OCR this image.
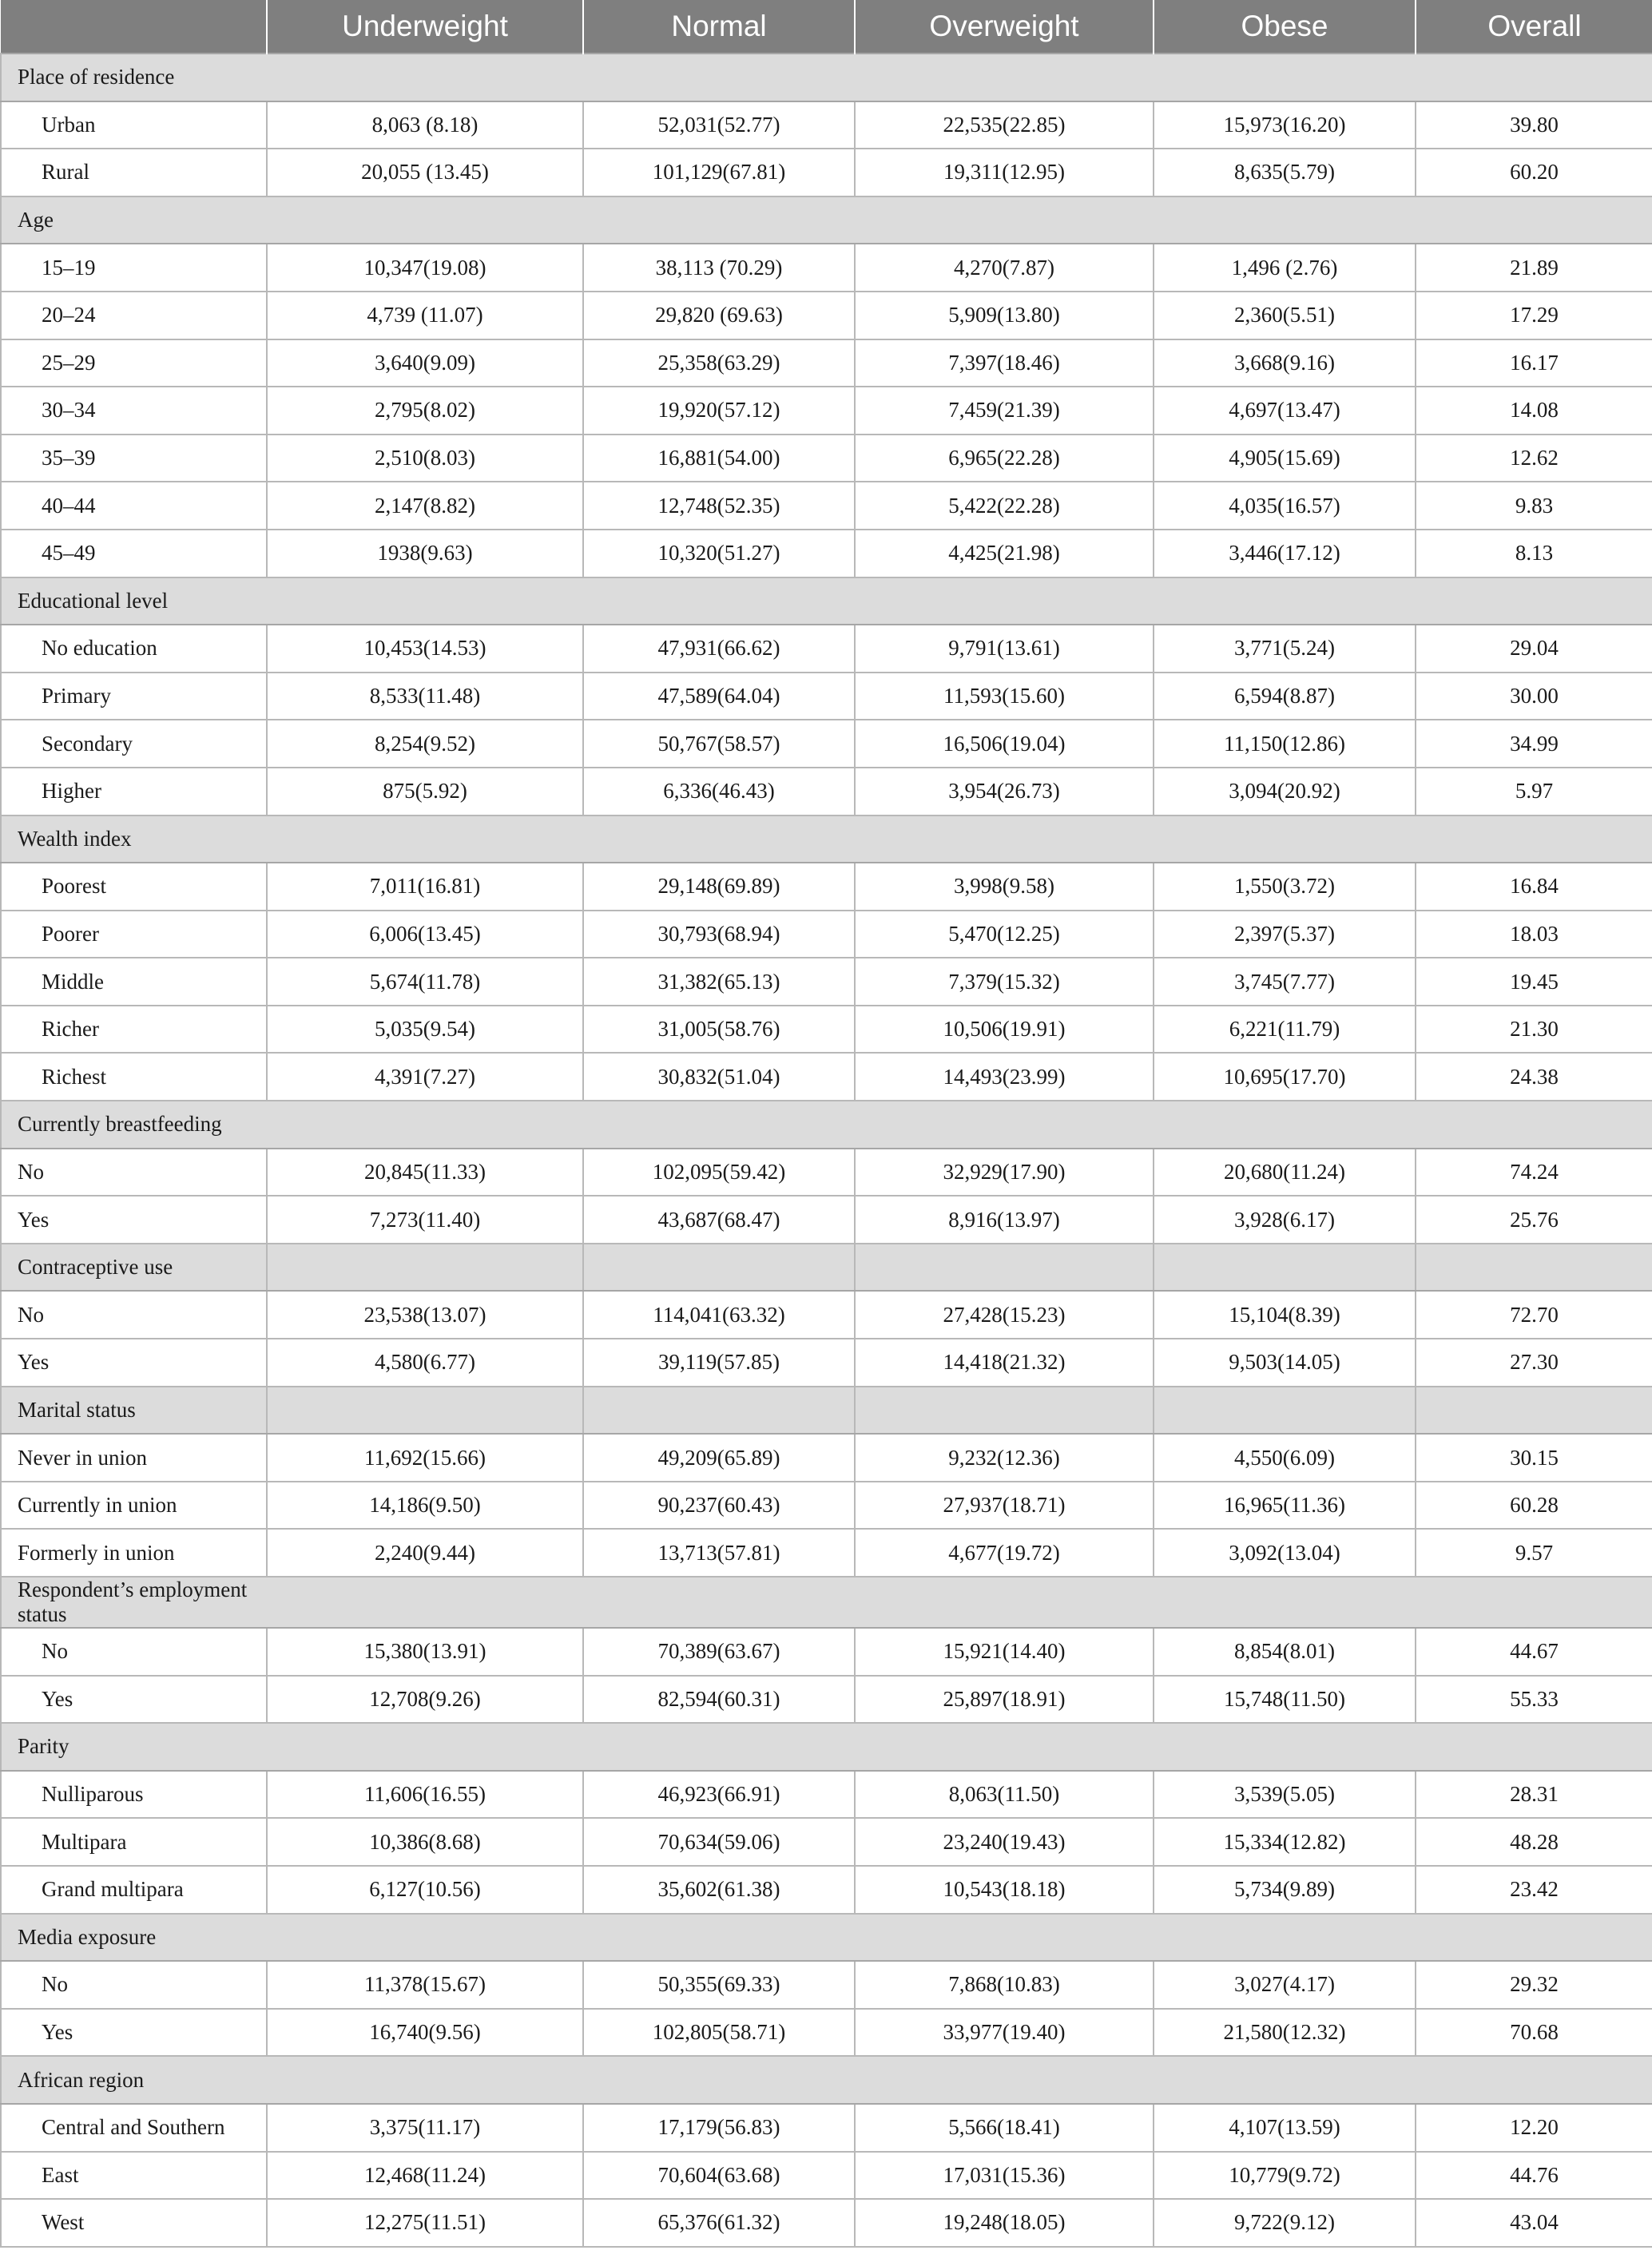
	Underweight	Normal	Overweight	Obese	Overall
Place of residence					
Urban	8,063 (8.18)	52,031(52.77)	22,535(22.85)	15,973(16.20)	39.80
Rural	20,055 (13.45)	101,129(67.81)	19,311(12.95)	8,635(5.79)	60.20
Age					
15–19	10,347(19.08)	38,113 (70.29)	4,270(7.87)	1,496 (2.76)	21.89
20–24	4,739 (11.07)	29,820 (69.63)	5,909(13.80)	2,360(5.51)	17.29
25–29	3,640(9.09)	25,358(63.29)	7,397(18.46)	3,668(9.16)	16.17
30–34	2,795(8.02)	19,920(57.12)	7,459(21.39)	4,697(13.47)	14.08
35–39	2,510(8.03)	16,881(54.00)	6,965(22.28)	4,905(15.69)	12.62
40–44	2,147(8.82)	12,748(52.35)	5,422(22.28)	4,035(16.57)	9.83
45–49	1938(9.63)	10,320(51.27)	4,425(21.98)	3,446(17.12)	8.13
Educational level					
No education	10,453(14.53)	47,931(66.62)	9,791(13.61)	3,771(5.24)	29.04
Primary	8,533(11.48)	47,589(64.04)	11,593(15.60)	6,594(8.87)	30.00
Secondary	8,254(9.52)	50,767(58.57)	16,506(19.04)	11,150(12.86)	34.99
Higher	875(5.92)	6,336(46.43)	3,954(26.73)	3,094(20.92)	5.97
Wealth index					
Poorest	7,011(16.81)	29,148(69.89)	3,998(9.58)	1,550(3.72)	16.84
Poorer	6,006(13.45)	30,793(68.94)	5,470(12.25)	2,397(5.37)	18.03
Middle	5,674(11.78)	31,382(65.13)	7,379(15.32)	3,745(7.77)	19.45
Richer	5,035(9.54)	31,005(58.76)	10,506(19.91)	6,221(11.79)	21.30
Richest	4,391(7.27)	30,832(51.04)	14,493(23.99)	10,695(17.70)	24.38
Currently breastfeeding					
No	20,845(11.33)	102,095(59.42)	32,929(17.90)	20,680(11.24)	74.24
Yes	7,273(11.40)	43,687(68.47)	8,916(13.97)	3,928(6.17)	25.76
Contraceptive use					
No	23,538(13.07)	114,041(63.32)	27,428(15.23)	15,104(8.39)	72.70
Yes	4,580(6.77)	39,119(57.85)	14,418(21.32)	9,503(14.05)	27.30
Marital status					
Never in union	11,692(15.66)	49,209(65.89)	9,232(12.36)	4,550(6.09)	30.15
Currently in union	14,186(9.50)	90,237(60.43)	27,937(18.71)	16,965(11.36)	60.28
Formerly in union	2,240(9.44)	13,713(57.81)	4,677(19.72)	3,092(13.04)	9.57
Respondent’s employment status					
No	15,380(13.91)	70,389(63.67)	15,921(14.40)	8,854(8.01)	44.67
Yes	12,708(9.26)	82,594(60.31)	25,897(18.91)	15,748(11.50)	55.33
Parity					
Nulliparous	11,606(16.55)	46,923(66.91)	8,063(11.50)	3,539(5.05)	28.31
Multipara	10,386(8.68)	70,634(59.06)	23,240(19.43)	15,334(12.82)	48.28
Grand multipara	6,127(10.56)	35,602(61.38)	10,543(18.18)	5,734(9.89)	23.42
Media exposure					
No	11,378(15.67)	50,355(69.33)	7,868(10.83)	3,027(4.17)	29.32
Yes	16,740(9.56)	102,805(58.71)	33,977(19.40)	21,580(12.32)	70.68
African region					
Central and Southern	3,375(11.17)	17,179(56.83)	5,566(18.41)	4,107(13.59)	12.20
East	12,468(11.24)	70,604(63.68)	17,031(15.36)	10,779(9.72)	44.76
West	12,275(11.51)	65,376(61.32)	19,248(18.05)	9,722(9.12)	43.04
